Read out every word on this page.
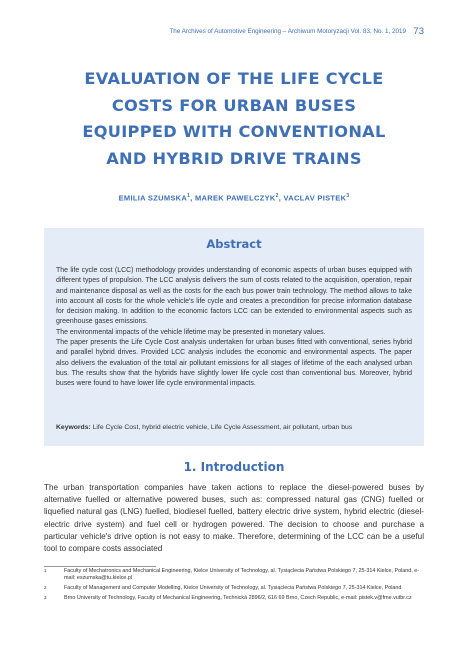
The Archives of Automotive Engineering – Archiwum Motoryzacji Vol. 83, No. 1, 2019 73
EVALUATION OF THE LIFE CYCLE
COSTS FOR URBAN BUSES
EQUIPPED WITH CONVENTIONAL
AND HYBRID DRIVE TRAINS
EMILIA SZUMSKA$^1$, MAREK PAWELCZYK$^2$, VACLAV PISTEK$^3$
Abstract

The life cycle cost (LCC) methodology provides understanding of economic aspects of urban buses equipped with different types of propulsion. The LCC analysis delivers the sum of costs related to the acquisition, operation, repair and maintenance disposal as well as the costs for the each bus power train technology. The method allows to take into account all costs for the whole vehicle's life cycle and creates a precondition for precise information database for decision making. In addition to the economic factors LCC can be extended to environmental aspects such as greenhouse gases emissions.

The environmental impacts of the vehicle lifetime may be presented in monetary values.

The paper presents the Life Cycle Cost analysis undertaken for urban buses fitted with conventional, series hybrid and parallel hybrid drives. Provided LCC analysis includes the economic and environmental aspects. The paper also delivers the evaluation of the total air pollutant emissions for all stages of lifetime of the each analysed urban bus. The results show that the hybrids have slightly lower life cycle cost than conventional bus. Moreover, hybrid buses were found to have lower life cycle environmental impacts.

Keywords: Life Cycle Cost, hybrid electric vehicle, Life Cycle Assessment, air pollutant, urban bus
1. Introduction

The urban transportation companies have taken actions to replace the diesel-powered buses by alternative fuelled or alternative powered buses, such as: compressed natural gas (CNG) fuelled or liquefied natural gas (LNG) fuelled, biodiesel fuelled, battery electric drive system, hybrid electric (diesel-electric drive system) and fuel cell or hydrogen powered. The decision to choose and purchase a particular vehicle's drive option is not easy to make. Therefore, determining of the LCC can be a useful tool to compare costs associated

1	Faculty of Mechatronics and Mechanical Engineering, Kielce University of Technology, al. Tysiąclecia Państwa Polskiego 7, 25-314 Kielce, Poland, e-mail: eszumska@tu.kielce.pl
2	Faculty of Management and Computer Modelling, Kielce University of Technology, al. Tysiąclecia Państwa Polskiego 7, 25-314 Kielce, Poland
3	Brno University of Technology, Faculty of Mechanical Engineering, Technická 2896/2, 616 69 Brno, Czech Republic, e-mail: pistek.v@fme.vutbr.cz
